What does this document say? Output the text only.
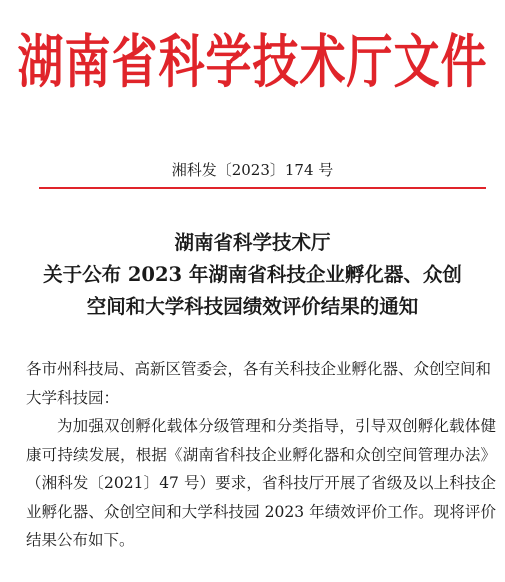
湖南省科学技术厅文件
湘科发〔2023〕174 号
湖南省科学技术厅
关于公布 2023 年湖南省科技企业孵化器、众创
空间和大学科技园绩效评价结果的通知
各市州科技局、高新区管委会，各有关科技企业孵化器、众创空间和大学科技园：
为加强双创孵化载体分级管理和分类指导，引导双创孵化载体健康可持续发展，根据《湖南省科技企业孵化器和众创空间管理办法》（湘科发〔2021〕47 号）要求，省科技厅开展了省级及以上科技企业孵化器、众创空间和大学科技园 2023 年绩效评价工作。现将评价结果公布如下。
